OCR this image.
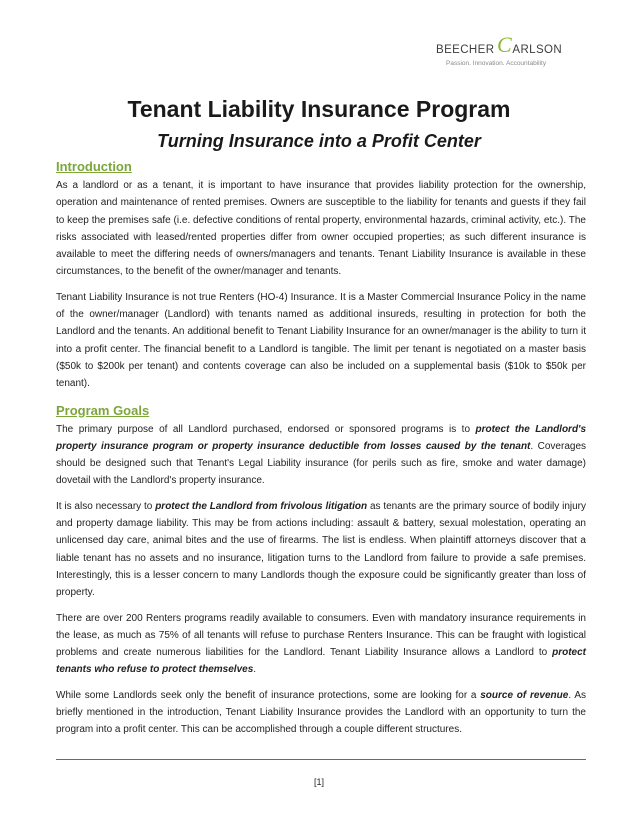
BEECHER ARLSON
C
Passion. Innovation. Accountability
Tenant Liability Insurance Program
Turning Insurance into a Profit Center
Introduction

As a landlord or as a tenant, it is important to have insurance that provides liability protection for the ownership, operation and maintenance of rented premises. Owners are susceptible to the liability for tenants and guests if they fail to keep the premises safe (i.e. defective conditions of rental property, environmental hazards, criminal activity, etc.). The risks associated with leased/rented properties differ from owner occupied properties; as such different insurance is available to meet the differing needs of owners/managers and tenants. Tenant Liability Insurance is available in these circumstances, to the benefit of the owner/manager and tenants.

Tenant Liability Insurance is not true Renters (HO-4) Insurance. It is a Master Commercial Insurance Policy in the name of the owner/manager (Landlord) with tenants named as additional insureds, resulting in protection for both the Landlord and the tenants. An additional benefit to Tenant Liability Insurance for an owner/manager is the ability to turn it into a profit center. The financial benefit to a Landlord is tangible. The limit per tenant is negotiated on a master basis ($50k to $200k per tenant) and contents coverage can also be included on a supplemental basis ($10k to $50k per tenant).

Program Goals

The primary purpose of all Landlord purchased, endorsed or sponsored programs is to protect the Landlord's property insurance program or property insurance deductible from losses caused by the tenant. Coverages should be designed such that Tenant's Legal Liability insurance (for perils such as fire, smoke and water damage) dovetail with the Landlord's property insurance.

It is also necessary to protect the Landlord from frivolous litigation as tenants are the primary source of bodily injury and property damage liability. This may be from actions including: assault & battery, sexual molestation, operating an unlicensed day care, animal bites and the use of firearms. The list is endless. When plaintiff attorneys discover that a liable tenant has no assets and no insurance, litigation turns to the Landlord from failure to provide a safe premises. Interestingly, this is a lesser concern to many Landlords though the exposure could be significantly greater than loss of property.

There are over 200 Renters programs readily available to consumers. Even with mandatory insurance requirements in the lease, as much as 75% of all tenants will refuse to purchase Renters Insurance. This can be fraught with logistical problems and create numerous liabilities for the Landlord. Tenant Liability Insurance allows a Landlord to protect tenants who refuse to protect themselves.

While some Landlords seek only the benefit of insurance protections, some are looking for a source of revenue. As briefly mentioned in the introduction, Tenant Liability Insurance provides the Landlord with an opportunity to turn the program into a profit center. This can be accomplished through a couple different structures.

[1]
